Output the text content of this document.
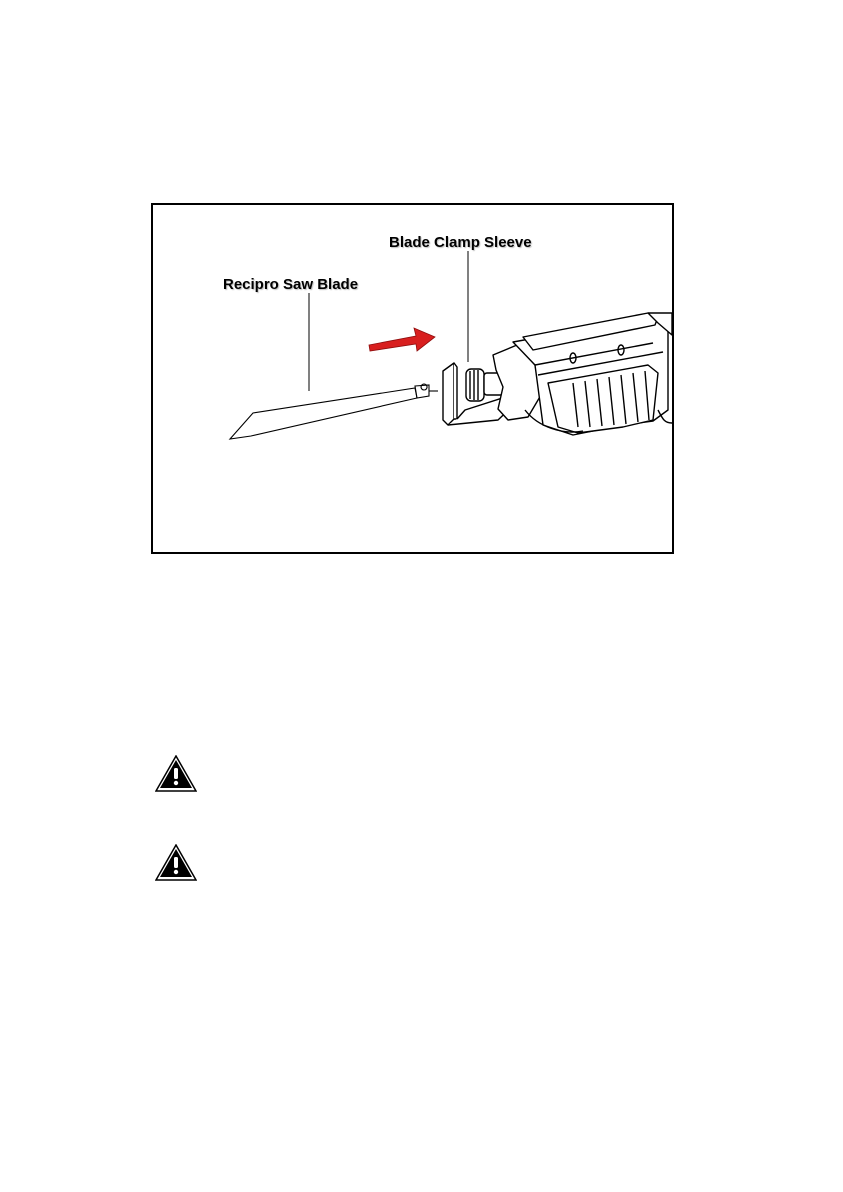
Recipro Saw Blade
Blade Clamp Sleeve
